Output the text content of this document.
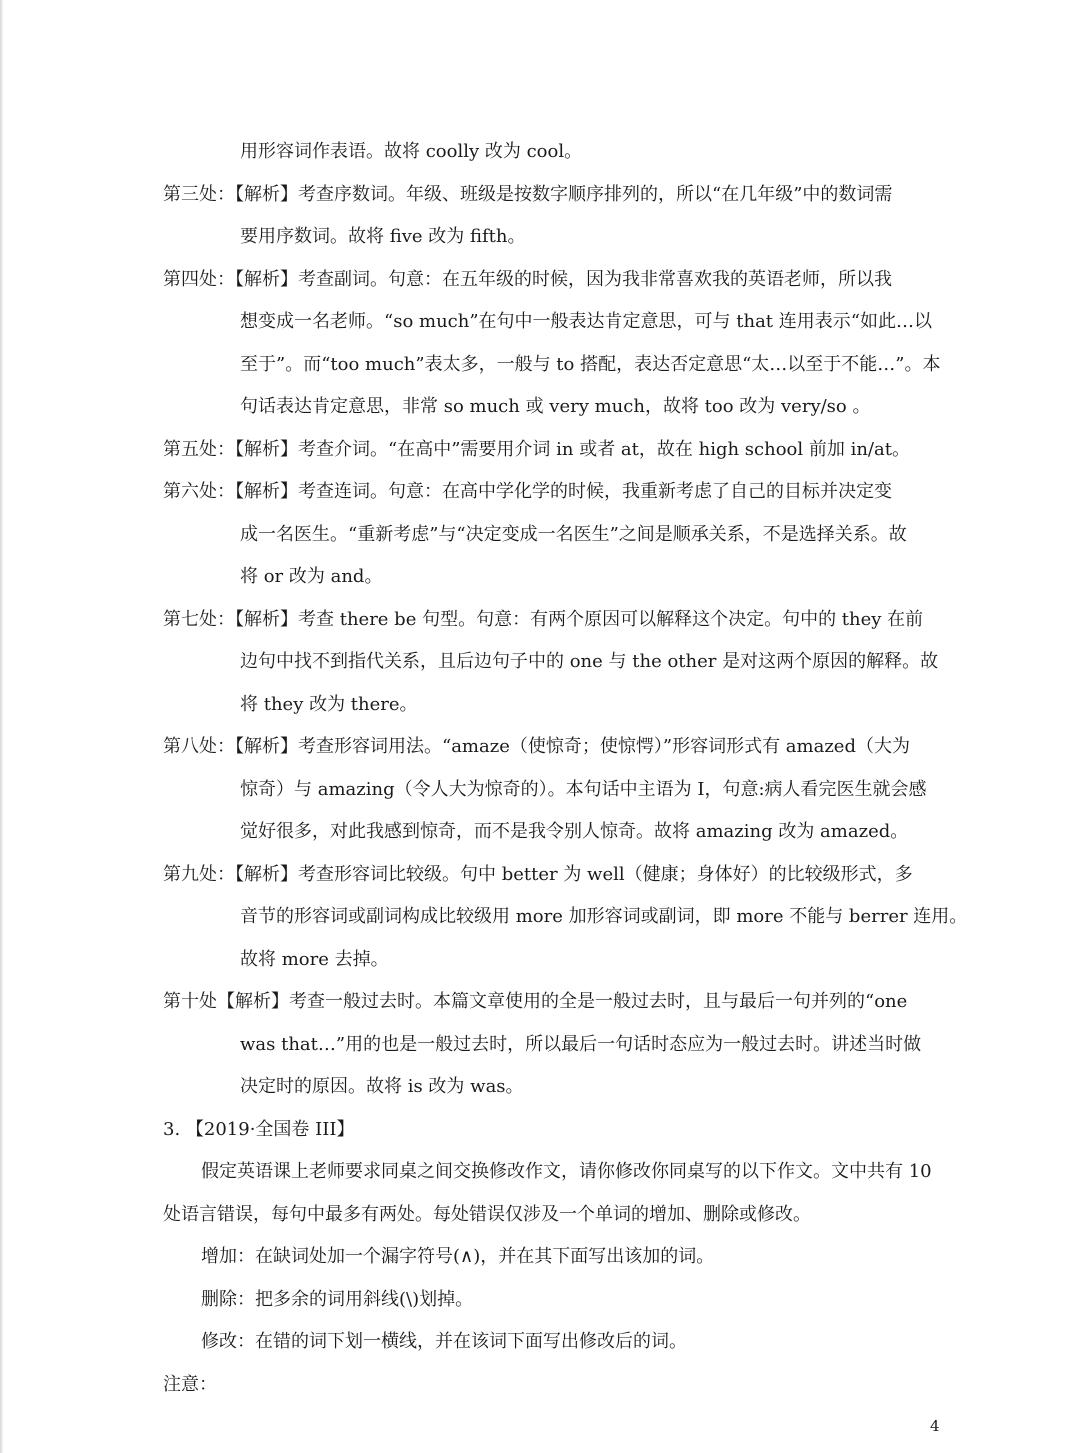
用形容词作表语。故将 coolly 改为 cool。
第三处：【解析】考查序数词。年级、班级是按数字顺序排列的，所以“在几年级”中的数词需
要用序数词。故将 five 改为 fifth。
第四处：【解析】考查副词。句意：在五年级的时候，因为我非常喜欢我的英语老师，所以我
想变成一名老师。“so much”在句中一般表达肯定意思，可与 that 连用表示“如此…以
至于”。而“too much”表太多，一般与 to 搭配，表达否定意思“太…以至于不能…”。本
句话表达肯定意思，非常 so much 或 very much，故将 too 改为 very/so 。
第五处：【解析】考查介词。“在高中”需要用介词 in 或者 at，故在 high school 前加 in/at。
第六处：【解析】考查连词。句意：在高中学化学的时候，我重新考虑了自己的目标并决定变
成一名医生。“重新考虑”与“决定变成一名医生”之间是顺承关系，不是选择关系。故
将 or 改为 and。
第七处：【解析】考查 there be 句型。句意：有两个原因可以解释这个决定。句中的 they 在前
边句中找不到指代关系，且后边句子中的 one 与 the other 是对这两个原因的解释。故
将 they 改为 there。
第八处：【解析】考查形容词用法。“amaze（使惊奇；使惊愕）”形容词形式有 amazed（大为
惊奇）与 amazing（令人大为惊奇的）。本句话中主语为 I，句意:病人看完医生就会感
觉好很多，对此我感到惊奇，而不是我令别人惊奇。故将 amazing 改为 amazed。
第九处：【解析】考查形容词比较级。句中 better 为 well（健康；身体好）的比较级形式，多
音节的形容词或副词构成比较级用 more 加形容词或副词，即 more 不能与 berrer 连用。
故将 more 去掉。
第十处【解析】考查一般过去时。本篇文章使用的全是一般过去时，且与最后一句并列的“one
was that…”用的也是一般过去时，所以最后一句话时态应为一般过去时。讲述当时做
决定时的原因。故将 is 改为 was。
3. 【2019·全国卷 III】
假定英语课上老师要求同桌之间交换修改作文，请你修改你同桌写的以下作文。文中共有 10
处语言错误，每句中最多有两处。每处错误仅涉及一个单词的增加、删除或修改。
增加：在缺词处加一个漏字符号(∧)，并在其下面写出该加的词。
删除：把多余的词用斜线(\)划掉。
修改：在错的词下划一横线，并在该词下面写出修改后的词。
注意：
4
